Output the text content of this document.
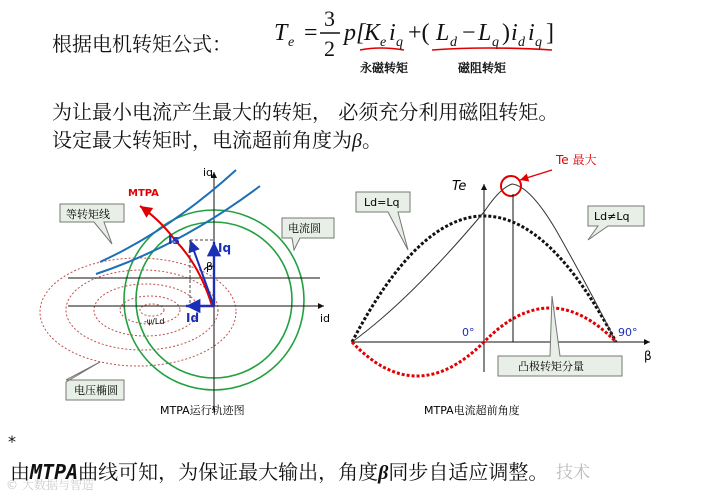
根据电机转矩公式： T e =
3
2
p[
K e i q +( L d − L q ) i d i q ]
永磁转矩	磁阻转矩
为让最小电流产生最大的转矩， 必须充分利用磁阻转矩。
设定最大转矩时，电流超前角度为β。
iq
id
MTPA
Is
Iq
Id
β
-ψ/Ld
等转矩线
电流圆
电压椭圆
MTPA运行轨迹图
Te
β
Te 最大
0°	90°
Ld=Lq
Ld≠Lq
凸极转矩分量
MTPA电流超前角度
*
由MTPA曲线可知，为保证最大输出，角度β同步自适应调整。
© 大数据与智造
技术
